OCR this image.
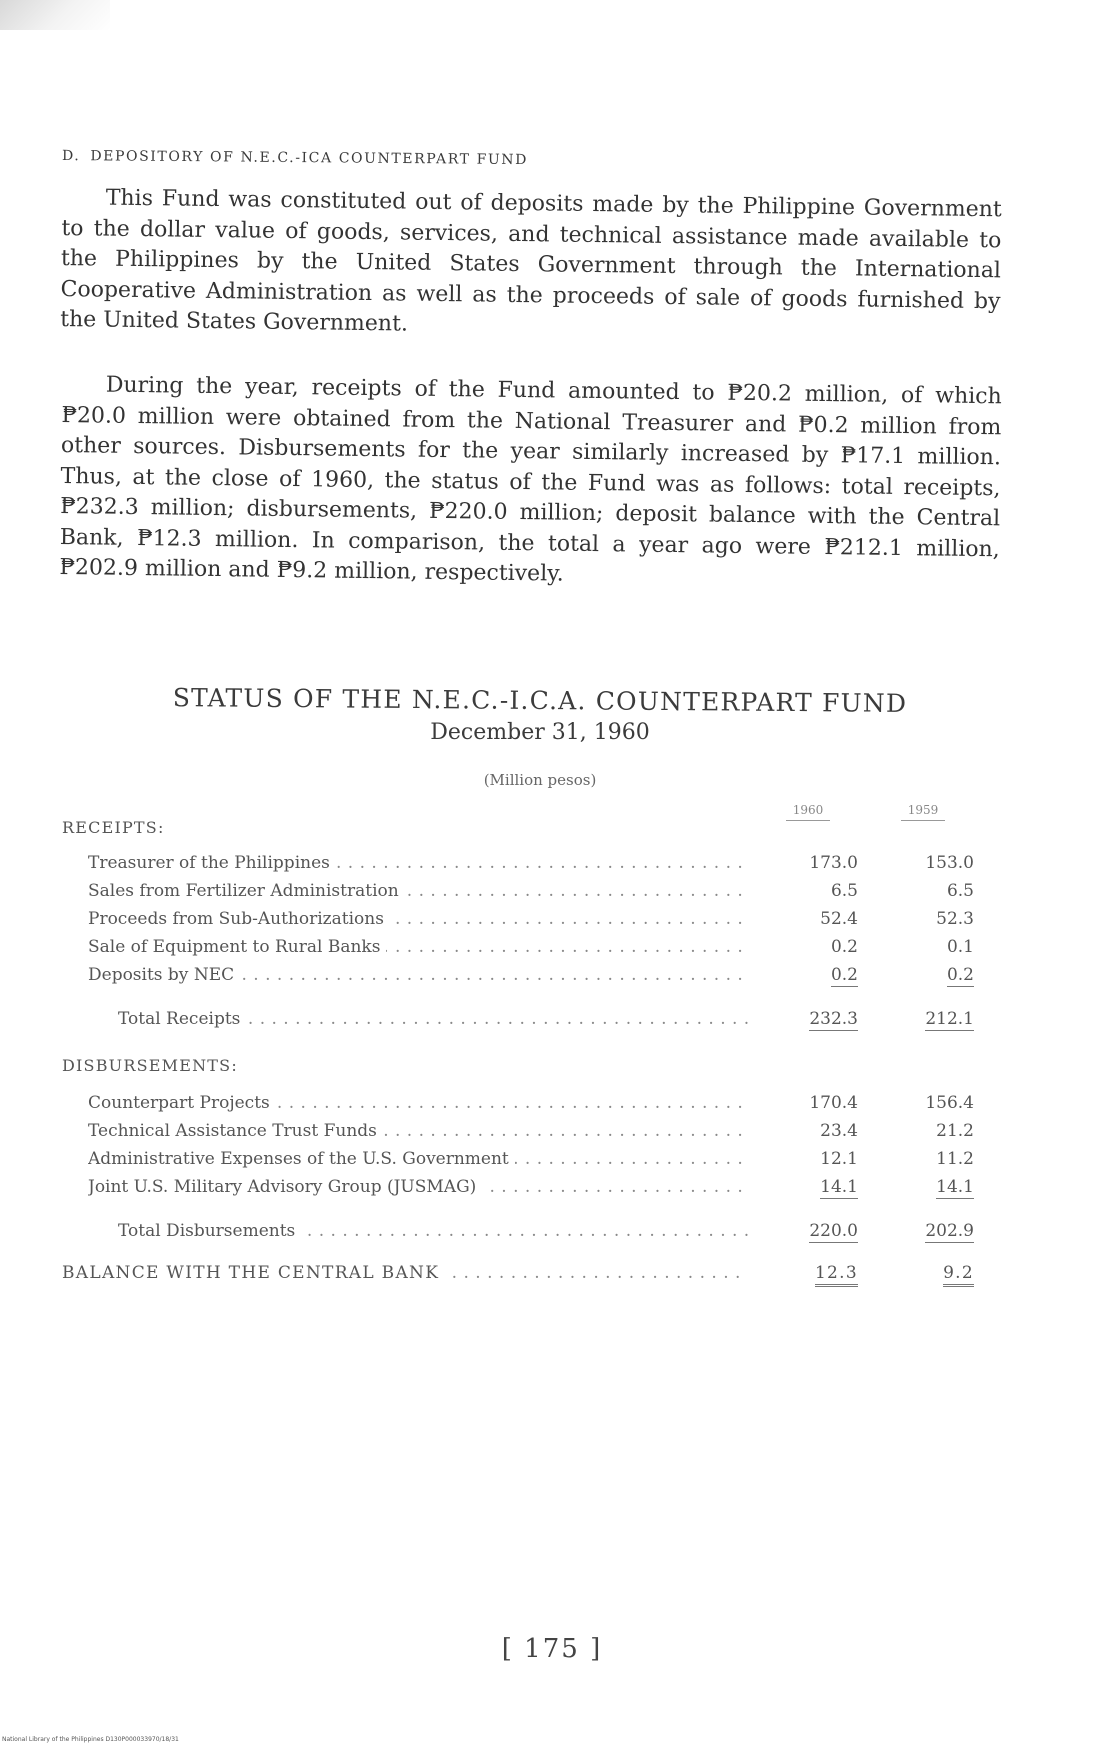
D. DEPOSITORY OF N.E.C.-ICA COUNTERPART FUND

This Fund was constituted out of deposits made by the Philippine Government to the dollar value of goods, services, and technical assistance made available to the Philippines by the United States Government through the International Cooperative Administration as well as the proceeds of sale of goods furnished by the United States Government.

During the year, receipts of the Fund amounted to ₱20.2 million, of which ₱20.0 million were obtained from the National Treasurer and ₱0.2 million from other sources. Disbursements for the year similarly increased by ₱17.1 million. Thus, at the close of 1960, the status of the Fund was as follows: total receipts, ₱232.3 million; disbursements, ₱220.0 million; deposit balance with the Central Bank, ₱12.3 million. In comparison, the total a year ago were ₱212.1 million, ₱202.9 million and ₱9.2 million, respectively.

STATUS OF THE N.E.C.-I.C.A. COUNTERPART FUND
December 31, 1960
(Million pesos)
1960	1959
RECEIPTS:
Treasurer of the Philippines . . .	173.0	153.0
Sales from Fertilizer Administration . . .	6.5	6.5
Proceeds from Sub-Authorizations . . .	52.4	52.3
Sale of Equipment to Rural Banks . . .	0.2	0.1
Deposits by NEC . . .	0.2	0.2
Total Receipts . . .	232.3	212.1
DISBURSEMENTS:
Counterpart Projects . . .	170.4	156.4
Technical Assistance Trust Funds . . .	23.4	21.2
Administrative Expenses of the U.S. Government . . .	12.1	11.2
Joint U.S. Military Advisory Group (JUSMAG) . . .	14.1	14.1
Total Disbursements . . .	220.0	202.9
BALANCE WITH THE CENTRAL BANK . . .	12.3	9.2
[ 175 ]
National Library of the Philippines D130P000033970/18/31
